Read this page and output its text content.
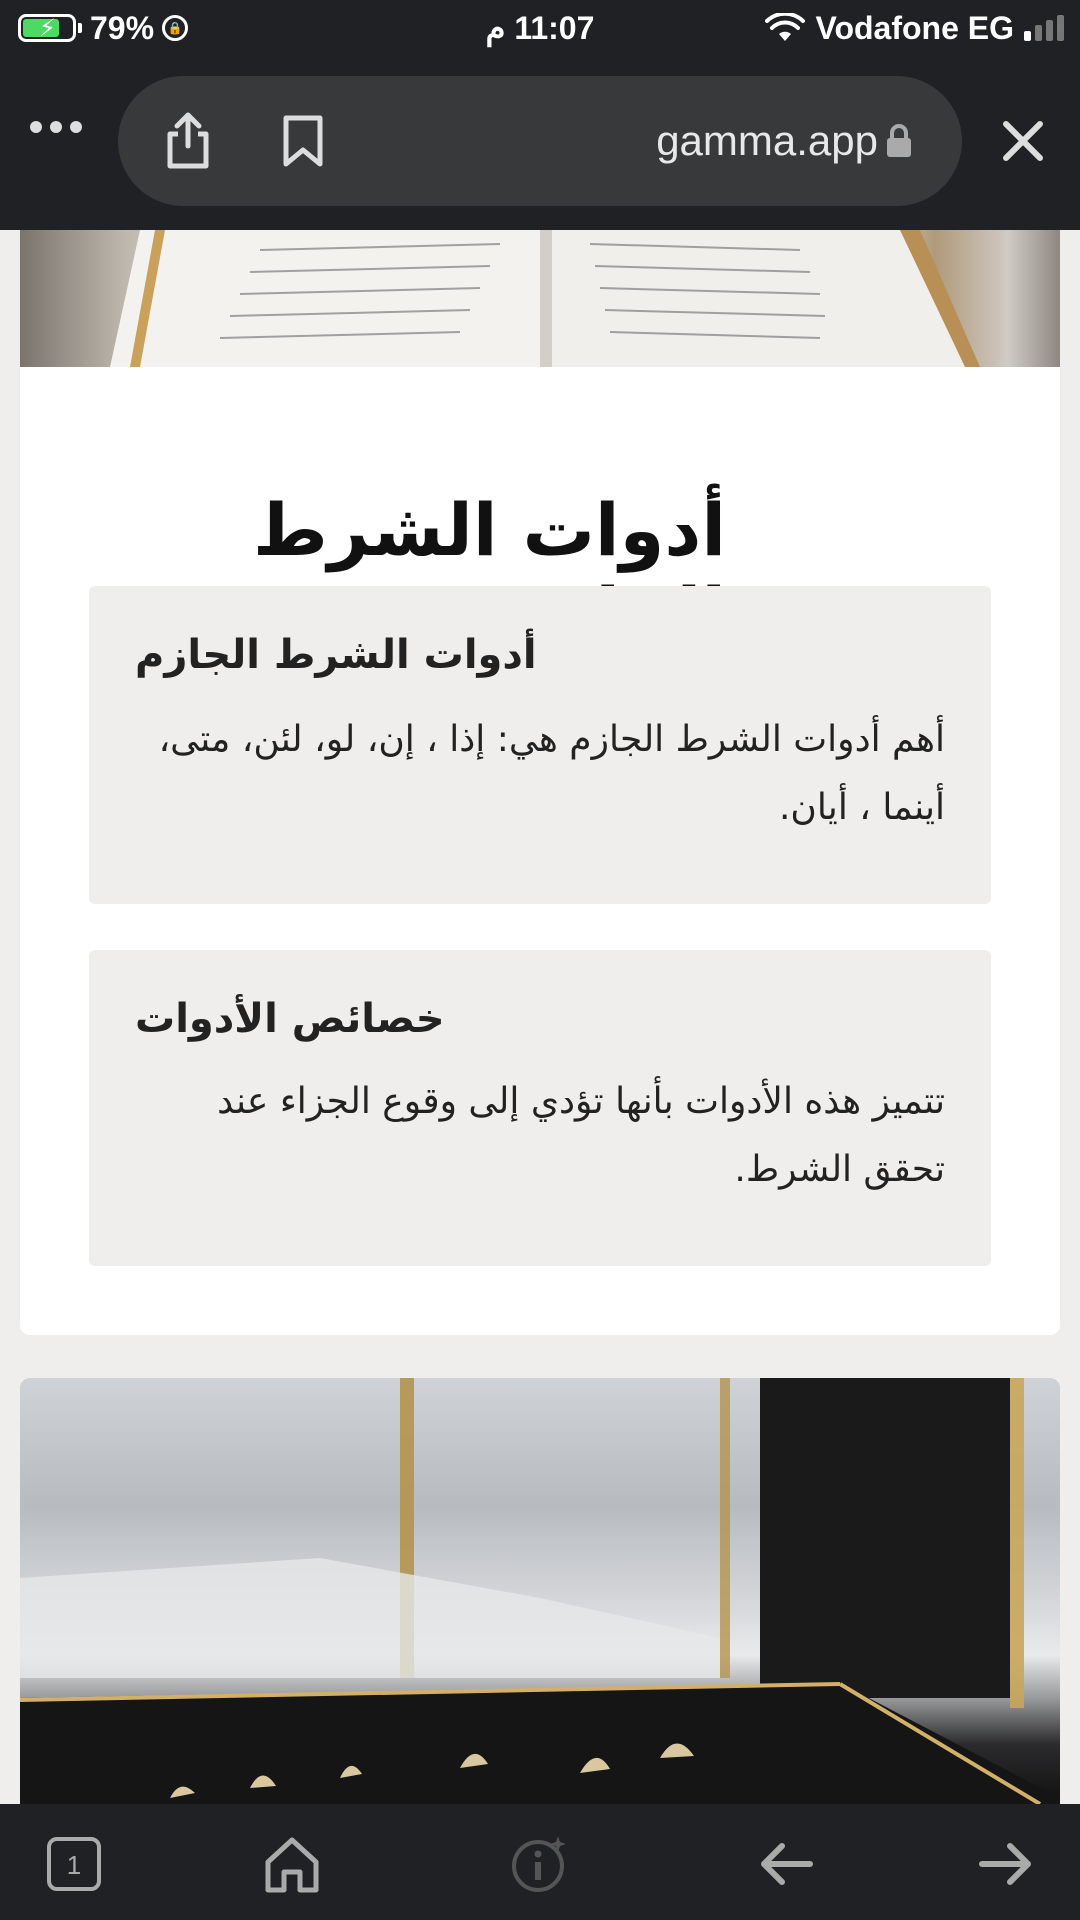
⚡ 79%	🔒	11:07 م	Vodafone EG
gamma.app
أدوات الشرط
أدوات الشرط الجازم

أهم أدوات الشرط الجازم هي: إذا ، إن، لو، لئن، متى، أينما ، أيان.

خصائص الأدوات

تتميز هذه الأدوات بأنها تؤدي إلى وقوع الجزاء عند تحقق الشرط.

1
